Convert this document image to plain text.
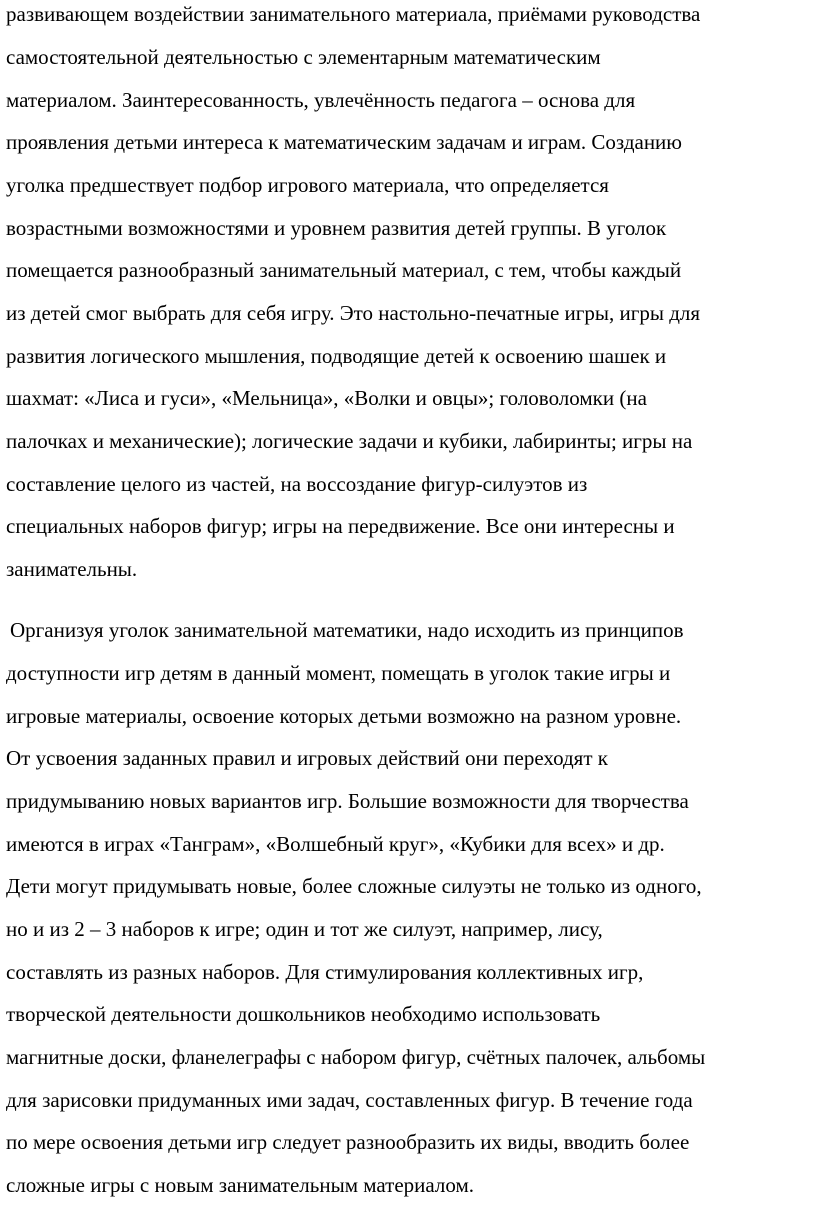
развивающем воздействии занимательного материала, приёмами руководства
самостоятельной деятельностью с элементарным математическим
материалом. Заинтересованность, увлечённость педагога – основа для
проявления детьми интереса к математическим задачам и играм. Созданию
уголка предшествует подбор игрового материала, что определяется
возрастными возможностями и уровнем развития детей группы. В уголок
помещается разнообразный занимательный материал, с тем, чтобы каждый
из детей смог выбрать для себя игру. Это настольно-печатные игры, игры для
развития логического мышления, подводящие детей к освоению шашек и
шахмат: «Лиса и гуси», «Мельница», «Волки и овцы»; головоломки (на
палочках и механические); логические задачи и кубики, лабиринты; игры на
составление целого из частей, на воссоздание фигур-силуэтов из
специальных наборов фигур; игры на передвижение. Все они интересны и
занимательны.
Организуя уголок занимательной математики, надо исходить из принципов
доступности игр детям в данный момент, помещать в уголок такие игры и
игровые материалы, освоение которых детьми возможно на разном уровне.
От усвоения заданных правил и игровых действий они переходят к
придумыванию новых вариантов игр. Большие возможности для творчества
имеются в играх «Танграм», «Волшебный круг», «Кубики для всех» и др.
Дети могут придумывать новые, более сложные силуэты не только из одного,
но и из 2 – 3 наборов к игре; один и тот же силуэт, например, лису,
составлять из разных наборов. Для стимулирования коллективных игр,
творческой деятельности дошкольников необходимо использовать
магнитные доски, фланелеграфы с набором фигур, счётных палочек, альбомы
для зарисовки придуманных ими задач, составленных фигур. В течение года
по мере освоения детьми игр следует разнообразить их виды, вводить более
сложные игры с новым занимательным материалом.
